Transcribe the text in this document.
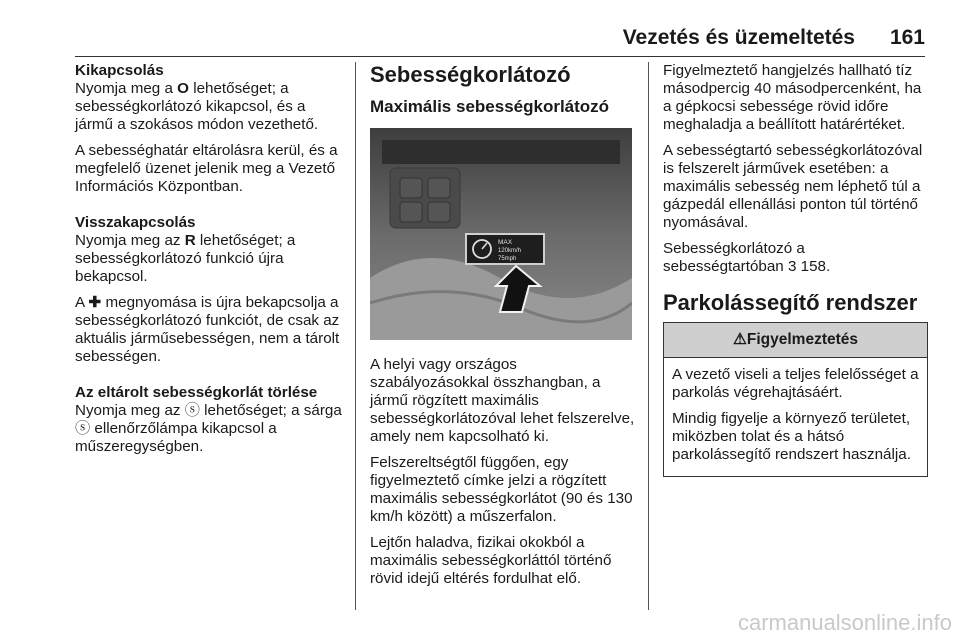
Vezetés és üzemeltetés 161

Kikapcsolás

Nyomja meg a O lehetőséget; a sebességkorlátozó kikapcsol, és a jármű a szokásos módon vezethető.

A sebességhatár eltárolásra kerül, és a megfelelő üzenet jelenik meg a Vezető Információs Központban.

Visszakapcsolás

Nyomja meg az R lehetőséget; a sebességkorlátozó funkció újra bekapcsol.

A ✚ megnyomása is újra bekapcsolja a sebességkorlátozó funkciót, de csak az aktuális járműsebességen, nem a tárolt sebességen.

Az eltárolt sebességkorlát törlése

Nyomja meg az ⓢ lehetőséget; a sárga ⓢ ellenőrzőlámpa kikapcsol a műszeregységben.

Sebességkorlátozó
Maximális sebességkorlátozó
MAX
120km/h
75mph

A helyi vagy országos szabályozásokkal összhangban, a jármű rögzített maximális sebességkorlátozóval lehet felszerelve, amely nem kapcsolható ki.

Felszereltségtől függően, egy figyelmeztető címke jelzi a rögzített maximális sebességkorlátot (90 és 130 km/h között) a műszerfalon.

Lejtőn haladva, fizikai okokból a maximális sebességkorláttól történő rövid idejű eltérés fordulhat elő.

Figyelmeztető hangjelzés hallható tíz másodpercig 40 másodpercenként, ha a gépkocsi sebessége rövid időre meghaladja a beállított határértéket.

A sebességtartó sebességkorlátozóval is felszerelt járművek esetében: a maximális sebesség nem léphető túl a gázpedál ellenállási ponton túl történő nyomásával.

Sebességkorlátozó a sebességtartóban 3 158.

Parkolássegítő rendszer
⚠ Figyelmeztetés

A vezető viseli a teljes felelősséget a parkolás végrehajtásáért.

Mindig figyelje a környező területet, miközben tolat és a hátsó parkolássegítő rendszert használja.

carmanualsonline.info
